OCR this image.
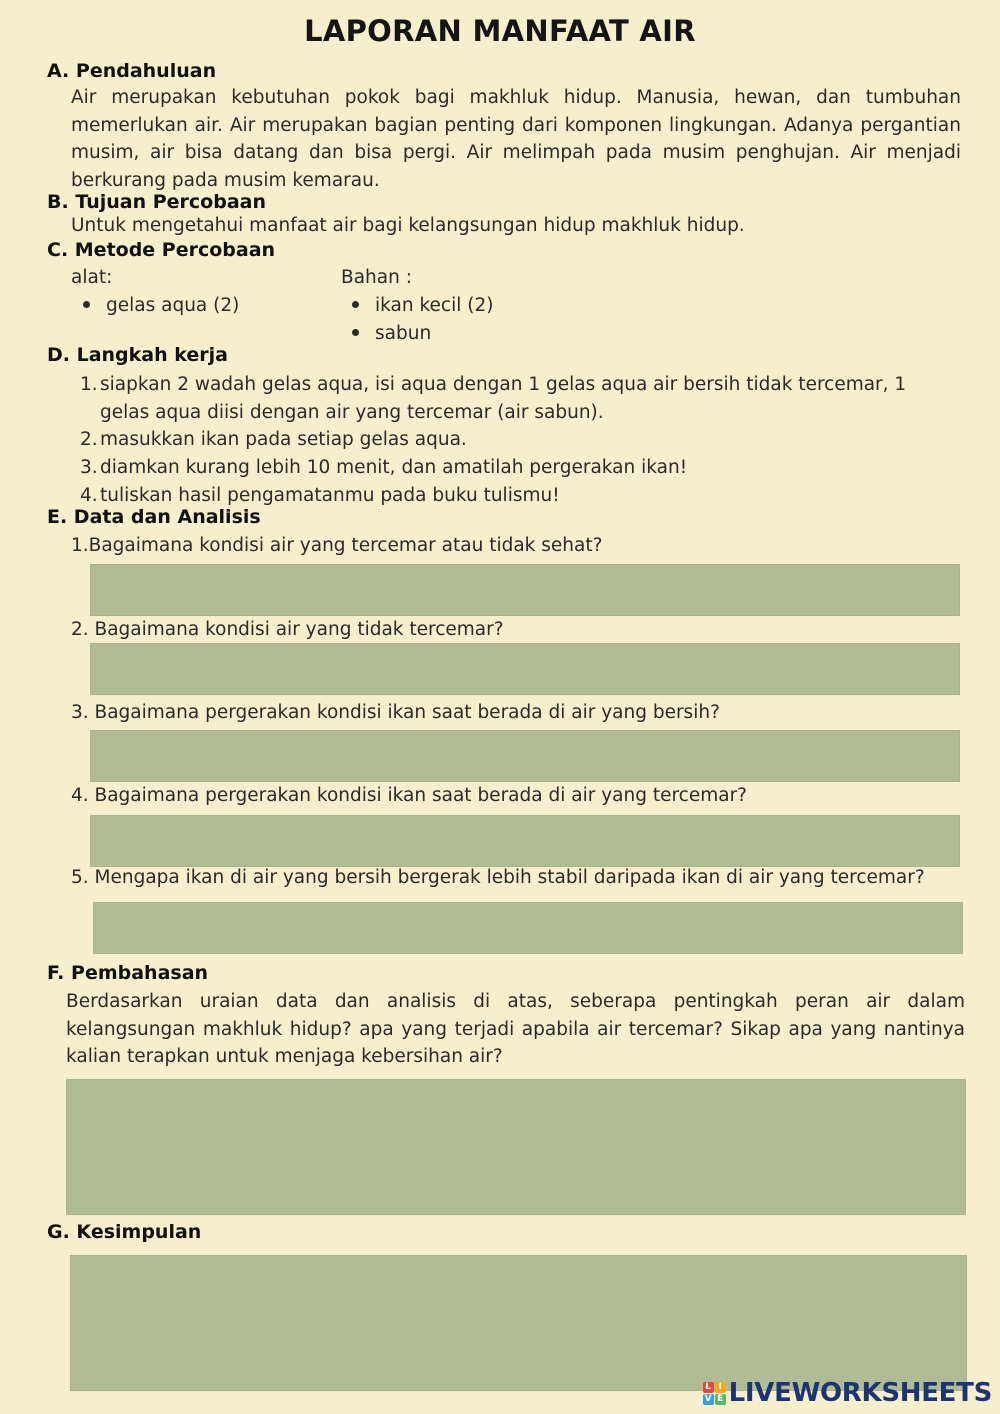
LAPORAN MANFAAT AIR
A. Pendahuluan

Air merupakan kebutuhan pokok bagi makhluk hidup. Manusia, hewan, dan tumbuhan memerlukan air. Air merupakan bagian penting dari komponen lingkungan. Adanya pergantian musim, air bisa datang dan bisa pergi. Air melimpah pada musim penghujan. Air menjadi berkurang pada musim kemarau.

B. Tujuan Percobaan

Untuk mengetahui manfaat air bagi kelangsungan hidup makhluk hidup.

C. Metode Percobaan

alat:	Bahan :

gelas aqua (2)	ikan kecil (2)
sabun
D. Langkah kerja
1. siapkan 2 wadah gelas aqua, isi aqua dengan 1 gelas aqua air bersih tidak tercemar, 1 gelas aqua diisi dengan air yang tercemar (air sabun).
2. masukkan ikan pada setiap gelas aqua.
3. diamkan kurang lebih 10 menit, dan amatilah pergerakan ikan!
4. tuliskan hasil pengamatanmu pada buku tulismu!
E. Data dan Analisis
1.Bagaimana kondisi air yang tercemar atau tidak sehat?
2. Bagaimana kondisi air yang tidak tercemar?
3. Bagaimana pergerakan kondisi ikan saat berada di air yang bersih?
4. Bagaimana pergerakan kondisi ikan saat berada di air yang tercemar?
5. Mengapa ikan di air yang bersih bergerak lebih stabil daripada ikan di air yang tercemar?
F. Pembahasan

Berdasarkan uraian data dan analisis di atas, seberapa pentingkah peran air dalam kelangsungan makhluk hidup? apa yang terjadi apabila air tercemar? Sikap apa yang nantinya kalian terapkan untuk menjaga kebersihan air?

G. Kesimpulan
L I
V E LIVEWORKSHEETS
